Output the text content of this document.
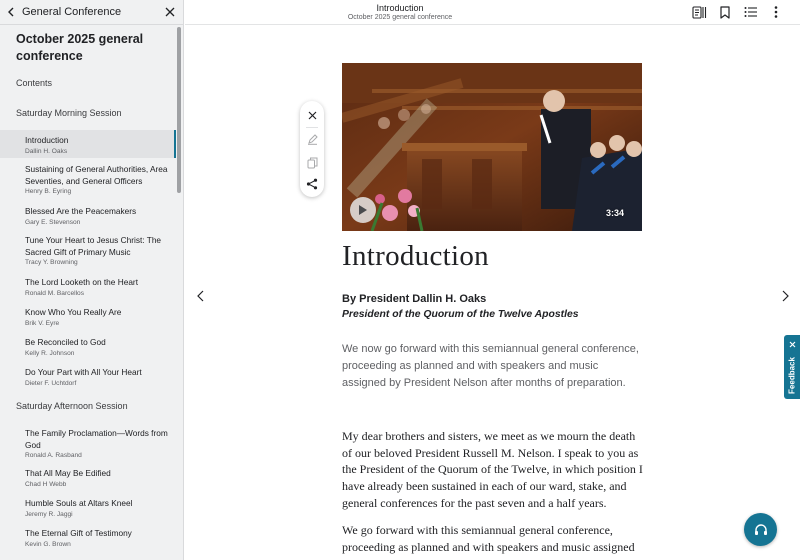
General Conference
October 2025 general conference
Contents
Saturday Morning Session
Introduction
Dallin H. Oaks
Sustaining of General Authorities, Area Seventies, and General Officers
Henry B. Eyring
Blessed Are the Peacemakers
Gary E. Stevenson
Tune Your Heart to Jesus Christ: The Sacred Gift of Primary Music
Tracy Y. Browning
The Lord Looketh on the Heart
Ronald M. Barcellos
Know Who You Really Are
Brik V. Eyre
Be Reconciled to God
Kelly R. Johnson
Do Your Part with All Your Heart
Dieter F. Uchtdorf
Saturday Afternoon Session
The Family Proclamation—Words from God
Ronald A. Rasband
That All May Be Edified
Chad H Webb
Humble Souls at Altars Kneel
Jeremy R. Jaggi
The Eternal Gift of Testimony
Kevin G. Brown
Introduction
October 2025 general conference
3:34
Introduction
By President Dallin H. Oaks
President of the Quorum of the Twelve Apostles
We now go forward with this semiannual general conference, proceeding as planned and with speakers and music assigned by President Nelson after months of preparation.
My dear brothers and sisters, we meet as we mourn the death of our beloved President Russell M. Nelson. I speak to you as the President of the Quorum of the Twelve, in which position I have already been sustained in each of our ward, stake, and general conferences for the past seven and a half years.
We go forward with this semiannual general conference, proceeding as planned and with speakers and music assigned
Feedback
